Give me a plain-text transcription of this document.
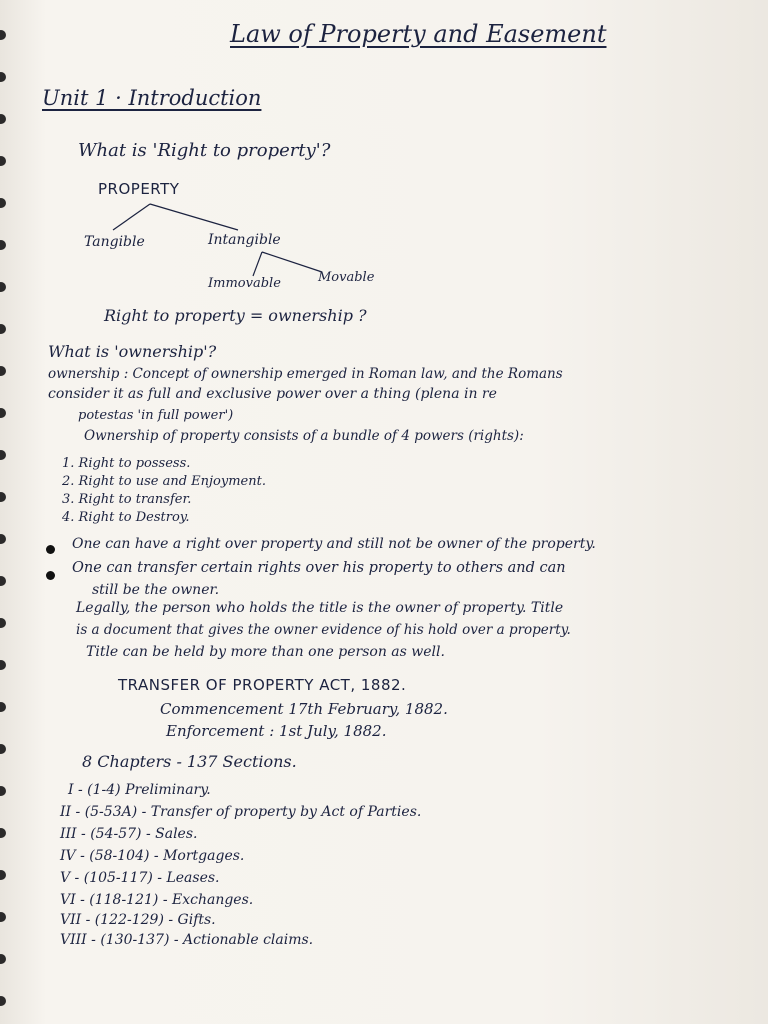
Law of Property and Easement
Unit 1 · Introduction
What is 'Right to property'?
PROPERTY
Tangible	Intangible
Immovable	Movable
Right to property = ownership ?
What is 'ownership'?
ownership : Concept of ownership emerged in Roman law, and the Romans
consider it as full and exclusive power over a thing (plena in re
potestas 'in full power')
Ownership of property consists of a bundle of 4 powers (rights):
1. Right to possess.
2. Right to use and Enjoyment.
3. Right to transfer.
4. Right to Destroy.
One can have a right over property and still not be owner of the property.
One can transfer certain rights over his property to others and can
still be the owner.
Legally, the person who holds the title is the owner of property. Title
is a document that gives the owner evidence of his hold over a property.
Title can be held by more than one person as well.
TRANSFER OF PROPERTY ACT, 1882.
Commencement 17th February, 1882.
Enforcement : 1st July, 1882.
8 Chapters - 137 Sections.
I - (1-4) Preliminary.
II - (5-53A) - Transfer of property by Act of Parties.
III - (54-57) - Sales.
IV - (58-104) - Mortgages.
V - (105-117) - Leases.
VI - (118-121) - Exchanges.
VII - (122-129) - Gifts.
VIII - (130-137) - Actionable claims.
